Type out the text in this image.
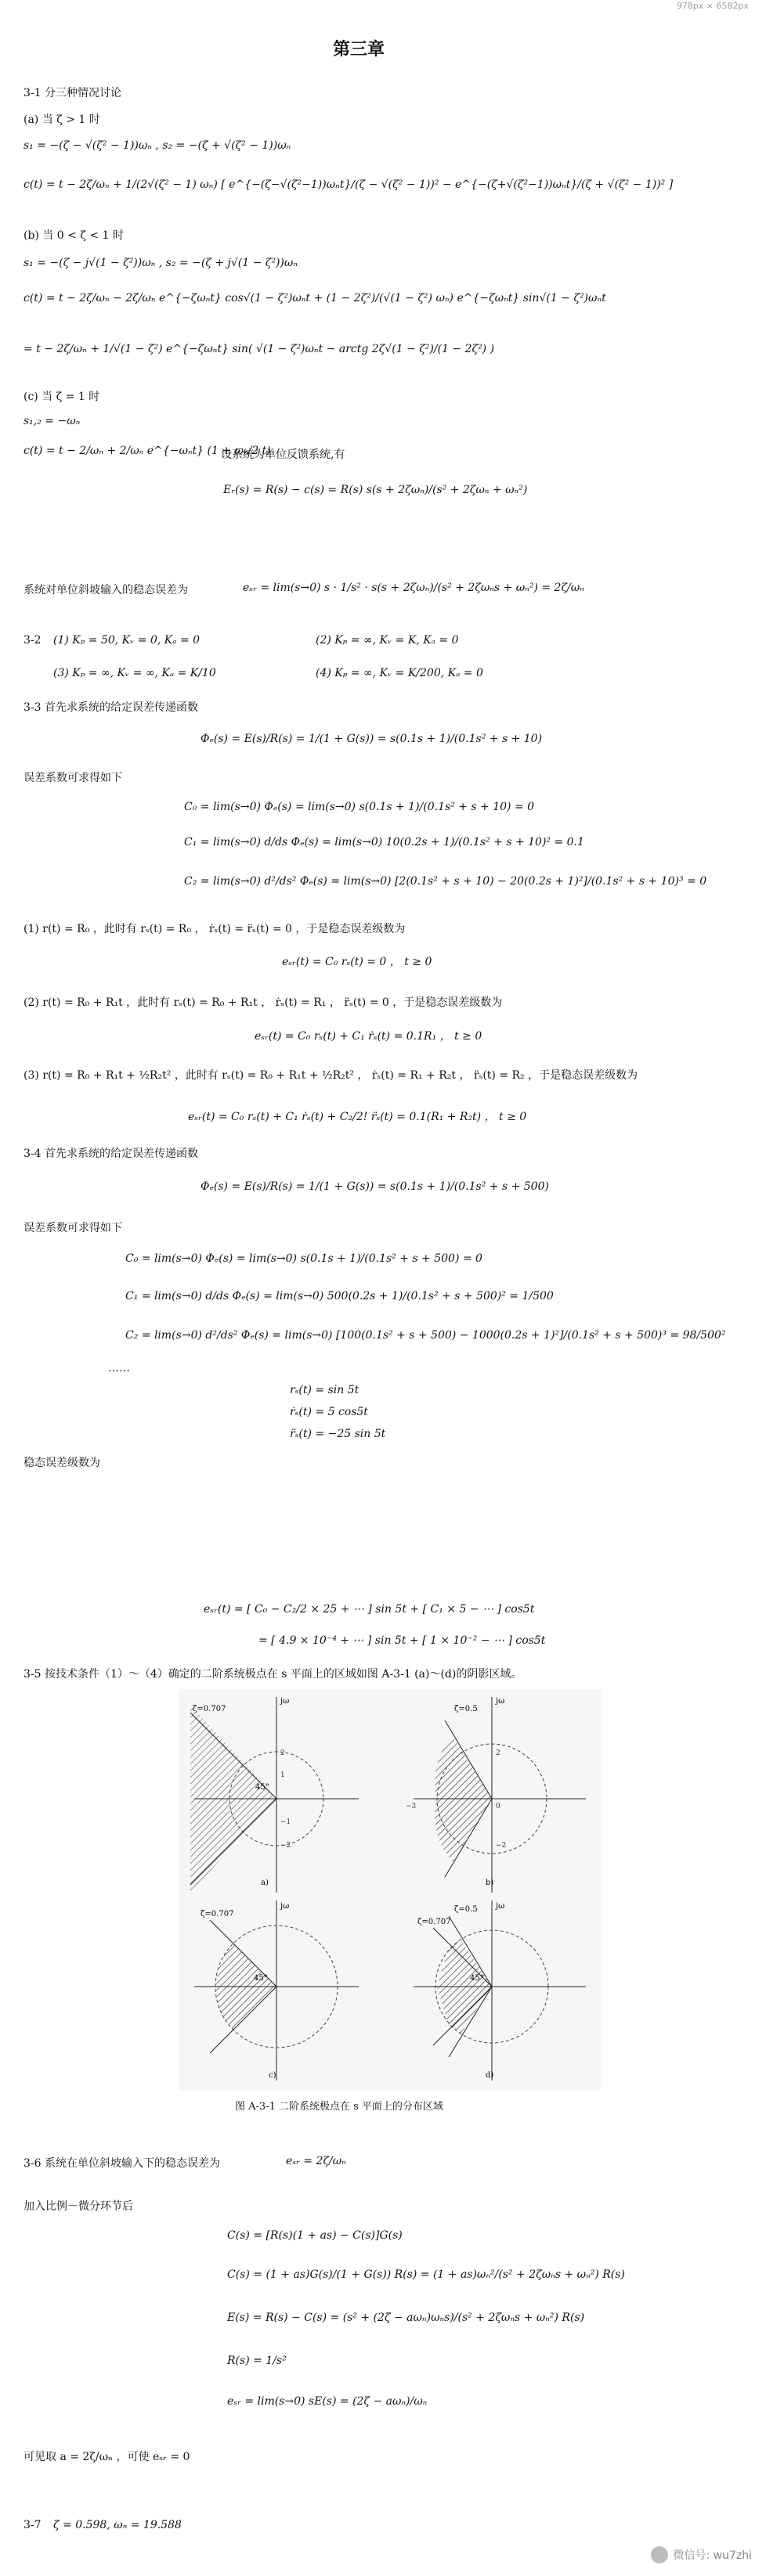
978px × 6582px
第三章
3-1 分三种情况讨论
(a) 当 ζ > 1 时
s₁ = −(ζ − √(ζ² − 1))ωₙ , s₂ = −(ζ + √(ζ² − 1))ωₙ
c(t) = t − 2ζ/ωₙ + 1/(2√(ζ² − 1) ωₙ) [ e^{−(ζ−√(ζ²−1))ωₙt}/(ζ − √(ζ² − 1))² − e^{−(ζ+√(ζ²−1))ωₙt}/(ζ + √(ζ² − 1))² ]
(b) 当 0 < ζ < 1 时
s₁ = −(ζ − j√(1 − ζ²))ωₙ , s₂ = −(ζ + j√(1 − ζ²))ωₙ
c(t) = t − 2ζ/ωₙ − 2ζ/ωₙ e^{−ζωₙt} cos√(1 − ζ²)ωₙt + (1 − 2ζ²)/(√(1 − ζ²) ωₙ) e^{−ζωₙt} sin√(1 − ζ²)ωₙt
= t − 2ζ/ωₙ + 1/√(1 − ζ²) e^{−ζωₙt} sin( √(1 − ζ²)ωₙt − arctg 2ζ√(1 − ζ²)/(1 − 2ζ²) )
(c) 当 ζ = 1 时
s₁,₂ = −ωₙ
c(t) = t − 2/ωₙ + 2/ωₙ e^{−ωₙt} (1 + ωₙ/2 t)
设系统为单位反馈系统,有
Eᵣ(s) = R(s) − c(s) = R(s) s(s + 2ζωₙ)/(s² + 2ζωₙ + ωₙ²)
系统对单位斜坡输入的稳态误差为	eₛᵣ = lim(s→0) s · 1/s² · s(s + 2ζωₙ)/(s² + 2ζωₙs + ωₙ²) = 2ζ/ωₙ
3-2 (1) Kₚ = 50, Kᵥ = 0, Kₐ = 0	(2) Kₚ = ∞, Kᵥ = K, Kₐ = 0
(3) Kₚ = ∞, Kᵥ = ∞, Kₐ = K/10	(4) Kₚ = ∞, Kᵥ = K/200, Kₐ = 0
3-3 首先求系统的给定误差传递函数
Φₑ(s) = E(s)/R(s) = 1/(1 + G(s)) = s(0.1s + 1)/(0.1s² + s + 10)
误差系数可求得如下
C₀ = lim(s→0) Φₑ(s) = lim(s→0) s(0.1s + 1)/(0.1s² + s + 10) = 0
C₁ = lim(s→0) d/ds Φₑ(s) = lim(s→0) 10(0.2s + 1)/(0.1s² + s + 10)² = 0.1
C₂ = lim(s→0) d²/ds² Φₑ(s) = lim(s→0) [2(0.1s² + s + 10) − 20(0.2s + 1)²]/(0.1s² + s + 10)³ = 0
(1) r(t) = R₀ ，此时有 rₛ(t) = R₀ ， ṙₛ(t) = r̈ₛ(t) = 0 ，于是稳态误差级数为
eₛᵣ(t) = C₀ rₛ(t) = 0 ， t ≥ 0
(2) r(t) = R₀ + R₁t ，此时有 rₛ(t) = R₀ + R₁t ， ṙₛ(t) = R₁ ， r̈ₛ(t) = 0 ，于是稳态误差级数为
eₛᵣ(t) = C₀ rₛ(t) + C₁ ṙₛ(t) = 0.1R₁ ， t ≥ 0
(3) r(t) = R₀ + R₁t + ½R₂t² ，此时有 rₛ(t) = R₀ + R₁t + ½R₂t² ， ṙₛ(t) = R₁ + R₂t ， r̈ₛ(t) = R₂ ，于是稳态误差级数为
eₛᵣ(t) = C₀ rₛ(t) + C₁ ṙₛ(t) + C₂/2! r̈ₛ(t) = 0.1(R₁ + R₂t) ， t ≥ 0
3-4 首先求系统的给定误差传递函数
Φₑ(s) = E(s)/R(s) = 1/(1 + G(s)) = s(0.1s + 1)/(0.1s² + s + 500)
误差系数可求得如下
C₀ = lim(s→0) Φₑ(s) = lim(s→0) s(0.1s + 1)/(0.1s² + s + 500) = 0
C₁ = lim(s→0) d/ds Φₑ(s) = lim(s→0) 500(0.2s + 1)/(0.1s² + s + 500)² = 1/500
C₂ = lim(s→0) d²/ds² Φₑ(s) = lim(s→0) [100(0.1s² + s + 500) − 1000(0.2s + 1)²]/(0.1s² + s + 500)³ = 98/500²
……
rₛ(t) = sin 5t
ṙₛ(t) = 5 cos5t
r̈ₛ(t) = −25 sin 5t
稳态误差级数为
eₛᵣ(t) = [ C₀ − C₂/2 × 25 + ⋯ ] sin 5t + [ C₁ × 5 − ⋯ ] cos5t
= [ 4.9 × 10⁻⁴ + ⋯ ] sin 5t + [ 1 × 10⁻² − ⋯ ] cos5t
3-5 按技术条件（1）～（4）确定的二阶系统极点在 s 平面上的区域如图 A-3-1 (a)～(d)的阴影区域。
ζ=0.707
45°
jω
a)
ζ=0.5
jω
b)
ζ=0.707
45°
jω
c)
ζ=0.5
ζ=0.707
45°
jω
d)
2
1
−1
−2
2
−2
0
−3
图 A-3-1 二阶系统极点在 s 平面上的分布区域
3-6 系统在单位斜坡输入下的稳态误差为	eₛᵣ = 2ζ/ωₙ
加入比例－微分环节后
C(s) = [R(s)(1 + as) − C(s)]G(s)
C(s) = (1 + as)G(s)/(1 + G(s)) R(s) = (1 + as)ωₙ²/(s² + 2ζωₙs + ωₙ²) R(s)
E(s) = R(s) − C(s) = (s² + (2ζ − aωₙ)ωₙs)/(s² + 2ζωₙs + ωₙ²) R(s)
R(s) = 1/s²
eₛᵣ = lim(s→0) sE(s) = (2ζ − aωₙ)/ωₙ
可见取 a = 2ζ/ωₙ ，可使 eₛᵣ = 0
3-7 ζ = 0.598, ωₙ = 19.588
微信号: wu7zhi
